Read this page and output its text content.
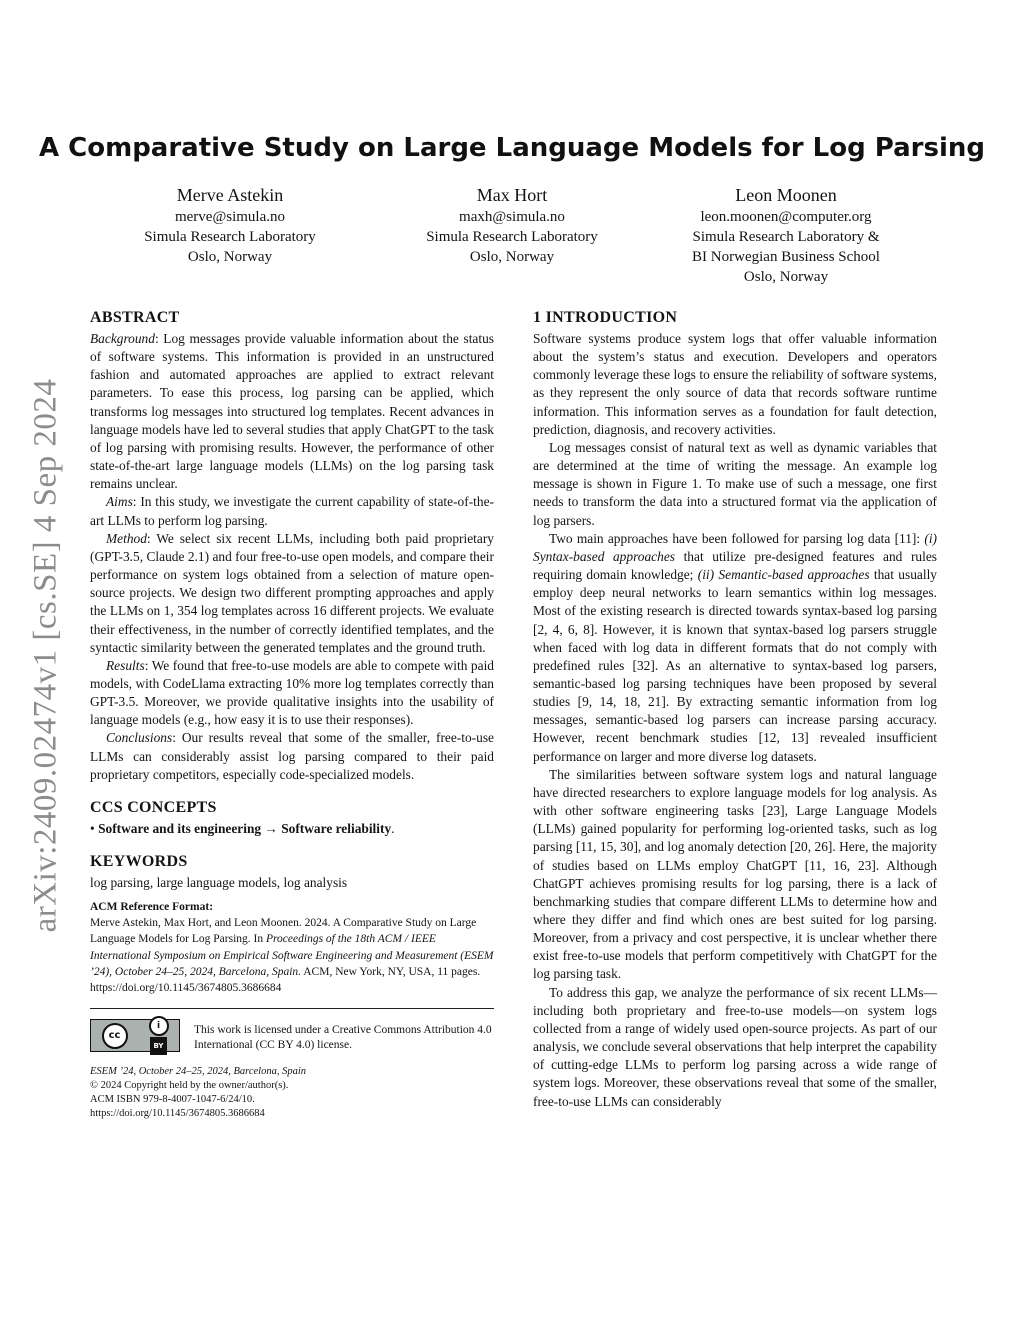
arXiv:2409.02474v1 [cs.SE] 4 Sep 2024
A Comparative Study on Large Language Models for Log Parsing
Merve Astekin
merve@simula.no
Simula Research Laboratory
Oslo, Norway
Max Hort
maxh@simula.no
Simula Research Laboratory
Oslo, Norway
Leon Moonen
leon.moonen@computer.org
Simula Research Laboratory &
BI Norwegian Business School
Oslo, Norway
ABSTRACT

Background: Log messages provide valuable information about the status of software systems. This information is provided in an unstructured fashion and automated approaches are applied to extract relevant parameters. To ease this process, log parsing can be applied, which transforms log messages into structured log templates. Recent advances in language models have led to several studies that apply ChatGPT to the task of log parsing with promising results. However, the performance of other state-of-the-art large language models (LLMs) on the log parsing task remains unclear.

Aims: In this study, we investigate the current capability of state-of-the-art LLMs to perform log parsing.

Method: We select six recent LLMs, including both paid proprietary (GPT-3.5, Claude 2.1) and four free-to-use open models, and compare their performance on system logs obtained from a selection of mature open-source projects. We design two different prompting approaches and apply the LLMs on 1, 354 log templates across 16 different projects. We evaluate their effectiveness, in the number of correctly identified templates, and the syntactic similarity between the generated templates and the ground truth.

Results: We found that free-to-use models are able to compete with paid models, with CodeLlama extracting 10% more log templates correctly than GPT-3.5. Moreover, we provide qualitative insights into the usability of language models (e.g., how easy it is to use their responses).

Conclusions: Our results reveal that some of the smaller, free-to-use LLMs can considerably assist log parsing compared to their paid proprietary competitors, especially code-specialized models.

CCS CONCEPTS

• Software and its engineering → Software reliability.

KEYWORDS

log parsing, large language models, log analysis

ACM Reference Format:

Merve Astekin, Max Hort, and Leon Moonen. 2024. A Comparative Study on Large Language Models for Log Parsing. In Proceedings of the 18th ACM / IEEE International Symposium on Empirical Software Engineering and Measurement (ESEM ’24), October 24–25, 2024, Barcelona, Spain. ACM, New York, NY, USA, 11 pages. https://doi.org/10.1145/3674805.3686684

cc
i
BY
This work is licensed under a Creative Commons Attribution 4.0 International (CC BY 4.0) license.
ESEM ’24, October 24–25, 2024, Barcelona, Spain
© 2024 Copyright held by the owner/author(s).
ACM ISBN 979-8-4007-1047-6/24/10.
https://doi.org/10.1145/3674805.3686684
1 INTRODUCTION

Software systems produce system logs that offer valuable information about the system’s status and execution. Developers and operators commonly leverage these logs to ensure the reliability of software systems, as they represent the only source of data that records software runtime information. This information serves as a foundation for fault detection, prediction, diagnosis, and recovery activities.

Log messages consist of natural text as well as dynamic variables that are determined at the time of writing the message. An example log message is shown in Figure 1. To make use of such a message, one first needs to transform the data into a structured format via the application of log parsers.

Two main approaches have been followed for parsing log data [11]: (i) Syntax-based approaches that utilize pre-designed features and rules requiring domain knowledge; (ii) Semantic-based approaches that usually employ deep neural networks to learn semantics within log messages. Most of the existing research is directed towards syntax-based log parsing [2, 4, 6, 8]. However, it is known that syntax-based log parsers struggle when faced with log data in different formats that do not comply with predefined rules [32]. As an alternative to syntax-based log parsers, semantic-based log parsing techniques have been proposed by several studies [9, 14, 18, 21]. By extracting semantic information from log messages, semantic-based log parsers can increase parsing accuracy. However, recent benchmark studies [12, 13] revealed insufficient performance on larger and more diverse log datasets.

The similarities between software system logs and natural language have directed researchers to explore language models for log analysis. As with other software engineering tasks [23], Large Language Models (LLMs) gained popularity for performing log-oriented tasks, such as log parsing [11, 15, 30], and log anomaly detection [20, 26]. Here, the majority of studies based on LLMs employ ChatGPT [11, 16, 23]. Although ChatGPT achieves promising results for log parsing, there is a lack of benchmarking studies that compare different LLMs to determine how and where they differ and find which ones are best suited for log parsing. Moreover, from a privacy and cost perspective, it is unclear whether there exist free-to-use models that perform competitively with ChatGPT for the log parsing task.

To address this gap, we analyze the performance of six recent LLMs—including both proprietary and free-to-use models—on system logs collected from a range of widely used open-source projects. As part of our analysis, we conclude several observations that help interpret the capability of cutting-edge LLMs to perform log parsing across a wide range of system logs. Moreover, these observations reveal that some of the smaller, free-to-use LLMs can considerably
